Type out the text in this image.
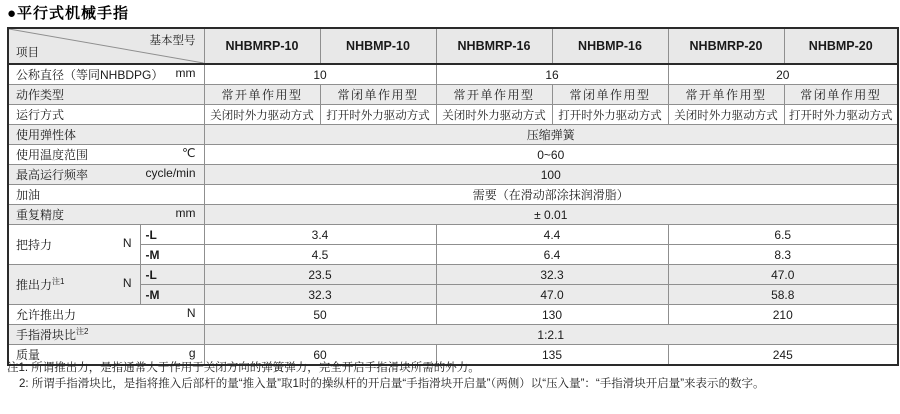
●平行式机械手指
基本型号
项目		NHBMRP-10	NHBMP-10	NHBMRP-16	NHBMP-16	NHBMRP-20	NHBMP-20
公称直径（等同NHBDPG） mm		10		16		20	
动作类型		常开单作用型	常闭单作用型	常开单作用型	常闭单作用型	常开单作用型	常闭单作用型
运行方式		关闭时外力驱动方式	打开时外力驱动方式	关闭时外力驱动方式	打开时外力驱动方式	关闭时外力驱动方式	打开时外力驱动方式
使用弹性体		压缩弹簧					
使用温度范围 ℃		0~60					
最高运行频率 cycle/min		100					
加油		需要（在滑动部涂抹润滑脂）					
重复精度 mm		± 0.01					
把持力 N	-L	3.4		4.4		6.5	
	-M	4.5		6.4		8.3	
推出力$^{注1}$ N	-L	23.5		32.3		47.0	
	-M	32.3		47.0		58.8	
允许推出力 N		50		130		210	
手指滑块比$^{注2}$		1:2.1					
质量 g		60		135		245	
注1: 所谓推出力，是指通常大于作用于关闭方向的弹簧弹力，完全开启手指滑块所需的外力。
2: 所谓手指滑块比，是指将推入后部杆的量“推入量”取1时的操纵杆的开启量“手指滑块开启量”（两侧）以“压入量”：“手指滑块开启量”来表示的数字。
